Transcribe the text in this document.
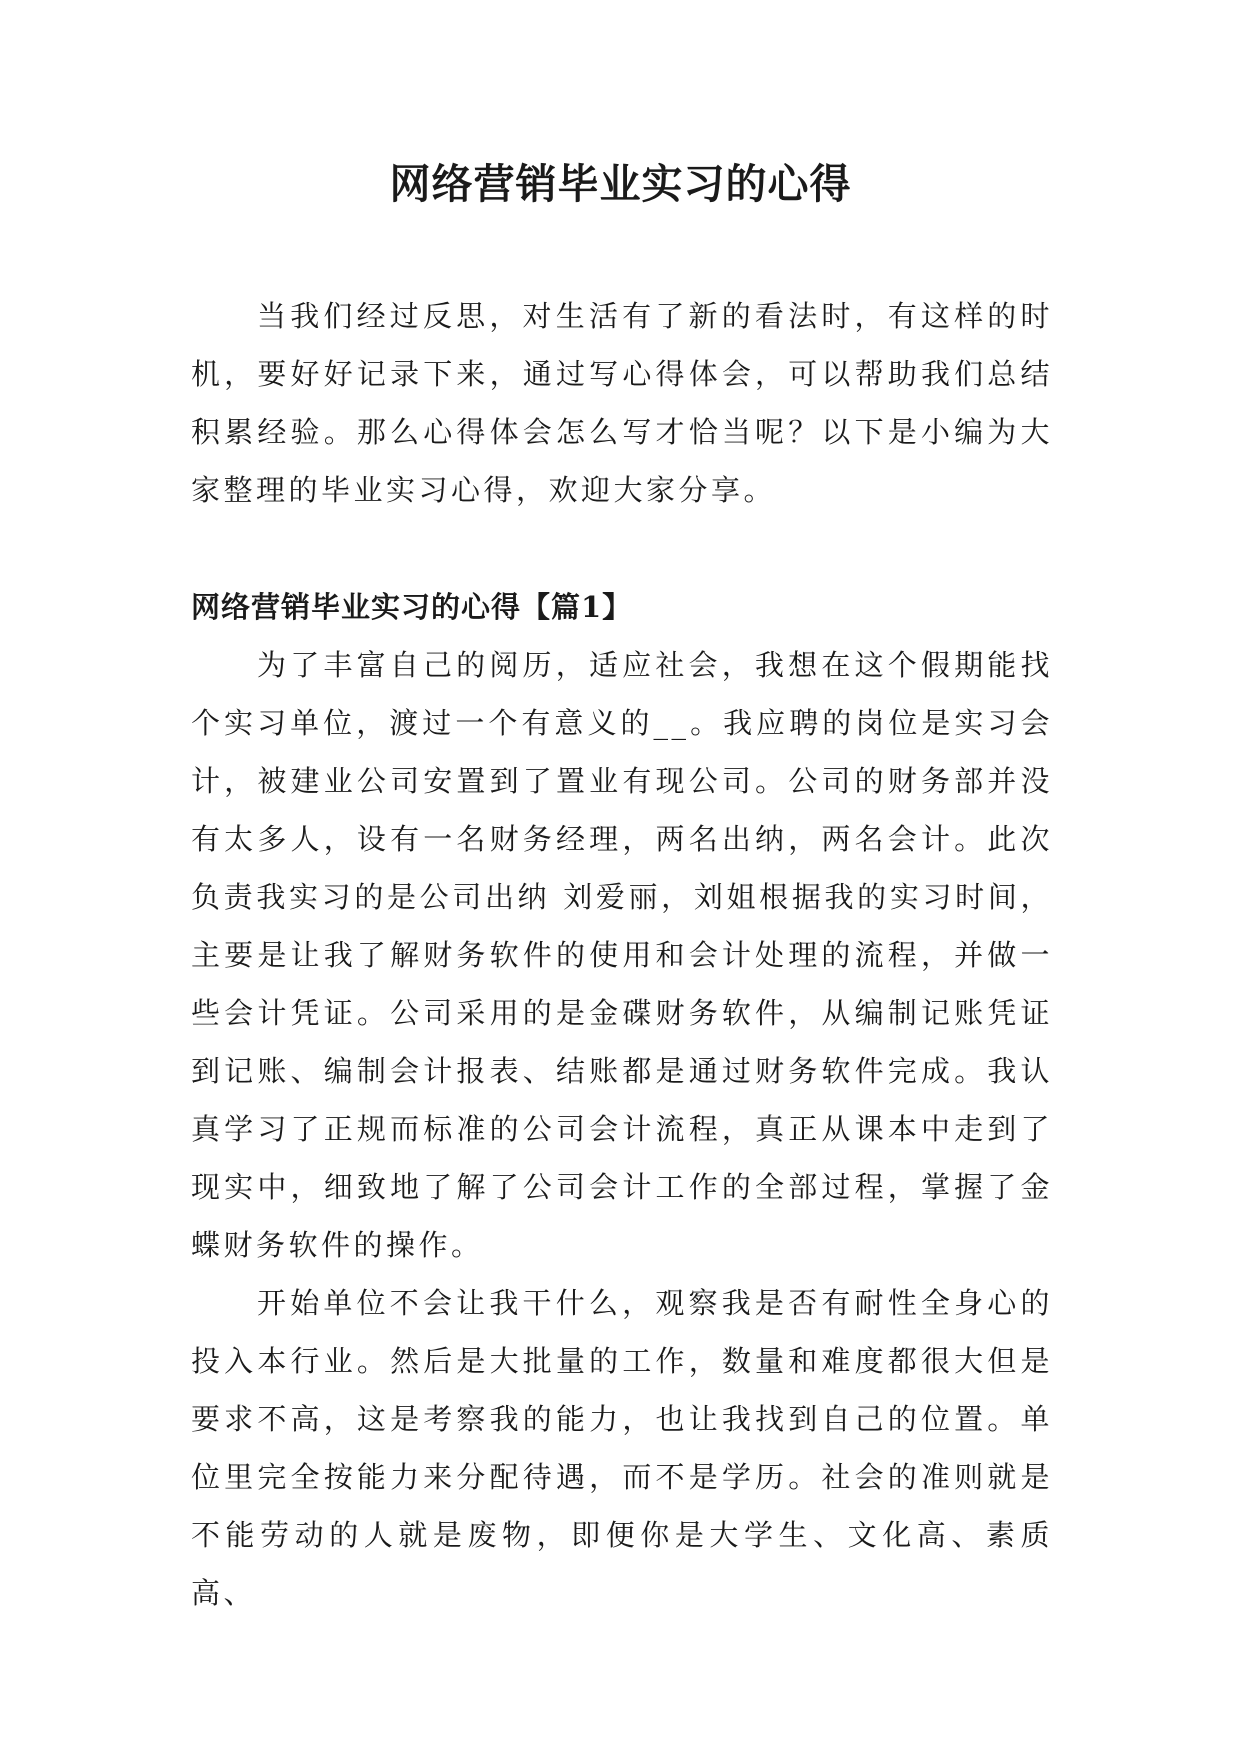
网络营销毕业实习的心得

当我们经过反思，对生活有了新的看法时，有这样的时机，要好好记录下来，通过写心得体会，可以帮助我们总结积累经验。那么心得体会怎么写才恰当呢？以下是小编为大家整理的毕业实习心得，欢迎大家分享。

网络营销毕业实习的心得【篇1】

为了丰富自己的阅历，适应社会，我想在这个假期能找个实习单位，渡过一个有意义的__。我应聘的岗位是实习会计，被建业公司安置到了置业有现公司。公司的财务部并没有太多人，设有一名财务经理，两名出纳，两名会计。此次负责我实习的是公司出纳 刘爱丽，刘姐根据我的实习时间，主要是让我了解财务软件的使用和会计处理的流程，并做一些会计凭证。公司采用的是金碟财务软件，从编制记账凭证到记账、编制会计报表、结账都是通过财务软件完成。我认真学习了正规而标准的公司会计流程，真正从课本中走到了现实中，细致地了解了公司会计工作的全部过程，掌握了金蝶财务软件的操作。

开始单位不会让我干什么，观察我是否有耐性全身心的投入本行业。然后是大批量的工作，数量和难度都很大但是要求不高，这是考察我的能力，也让我找到自己的位置。单位里完全按能力来分配待遇，而不是学历。社会的准则就是不能劳动的人就是废物，即便你是大学生、文化高、素质高、
